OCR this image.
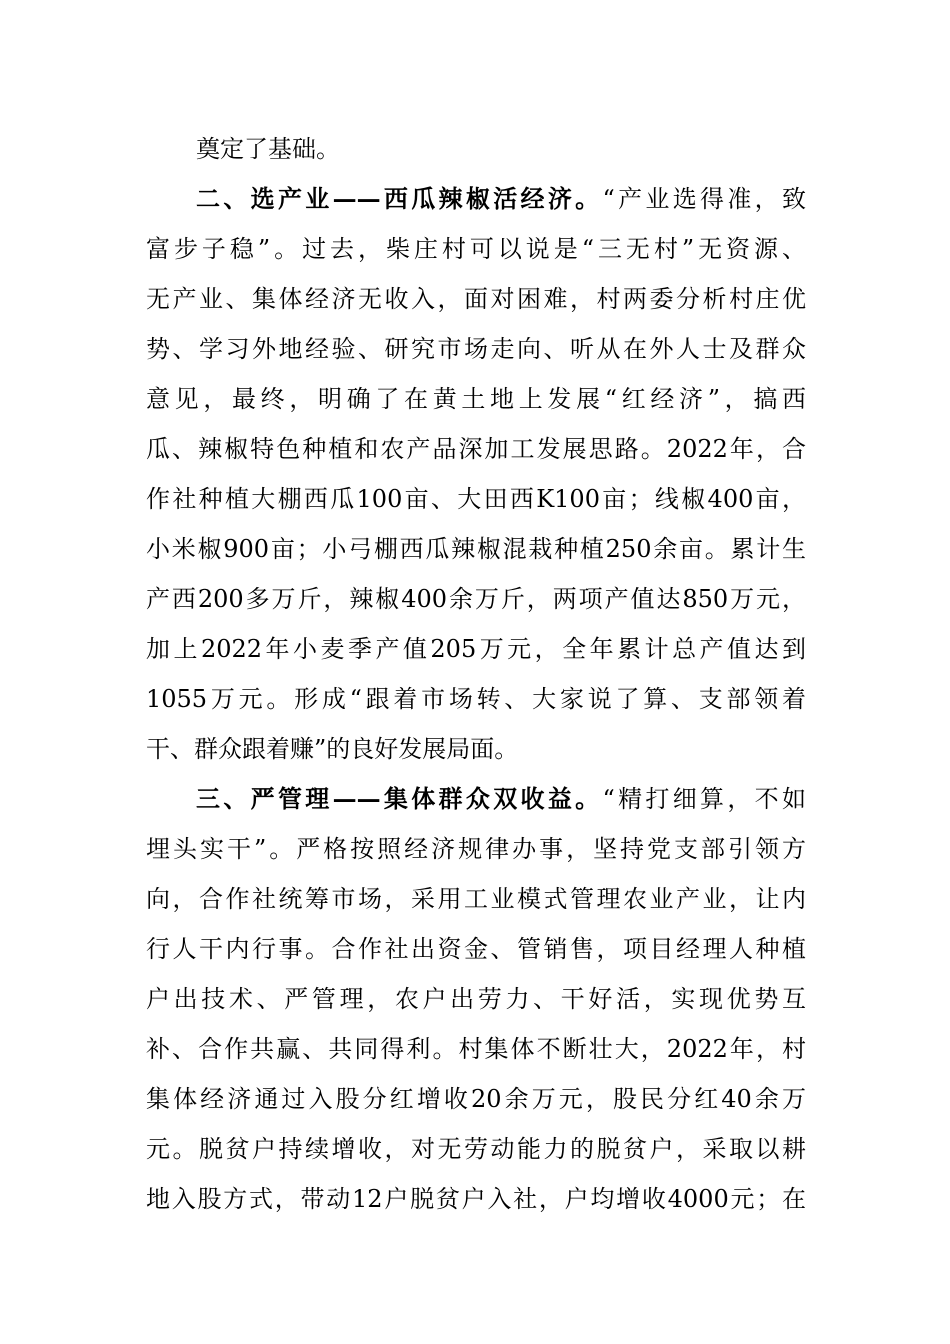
奠定了基础。
二、选产业——西瓜辣椒活经济。“产业选得准，致
富步子稳”。过去，柴庄村可以说是“三无村”无资源、
无产业、集体经济无收入，面对困难，村两委分析村庄优
势、学习外地经验、研究市场走向、听从在外人士及群众
意见，最终，明确了在黄土地上发展“红经济”，搞西
瓜、辣椒特色种植和农产品深加工发展思路。2022年，合
作社种植大棚西瓜100亩、大田西K100亩；线椒400亩，
小米椒900亩；小弓棚西瓜辣椒混栽种植250余亩。累计生
产西200多万斤，辣椒400余万斤，两项产值达850万元，
加上2022年小麦季产值205万元，全年累计总产值达到
1055万元。形成“跟着市场转、大家说了算、支部领着
干、群众跟着赚”的良好发展局面。
三、严管理——集体群众双收益。“精打细算，不如
埋头实干”。严格按照经济规律办事，坚持党支部引领方
向，合作社统筹市场，采用工业模式管理农业产业，让内
行人干内行事。合作社出资金、管销售，项目经理人种植
户出技术、严管理，农户出劳力、干好活，实现优势互
补、合作共赢、共同得利。村集体不断壮大，2022年，村
集体经济通过入股分红增收20余万元，股民分红40余万
元。脱贫户持续增收，对无劳动能力的脱贫户，采取以耕
地入股方式，带动12户脱贫户入社，户均增收4000元；在
